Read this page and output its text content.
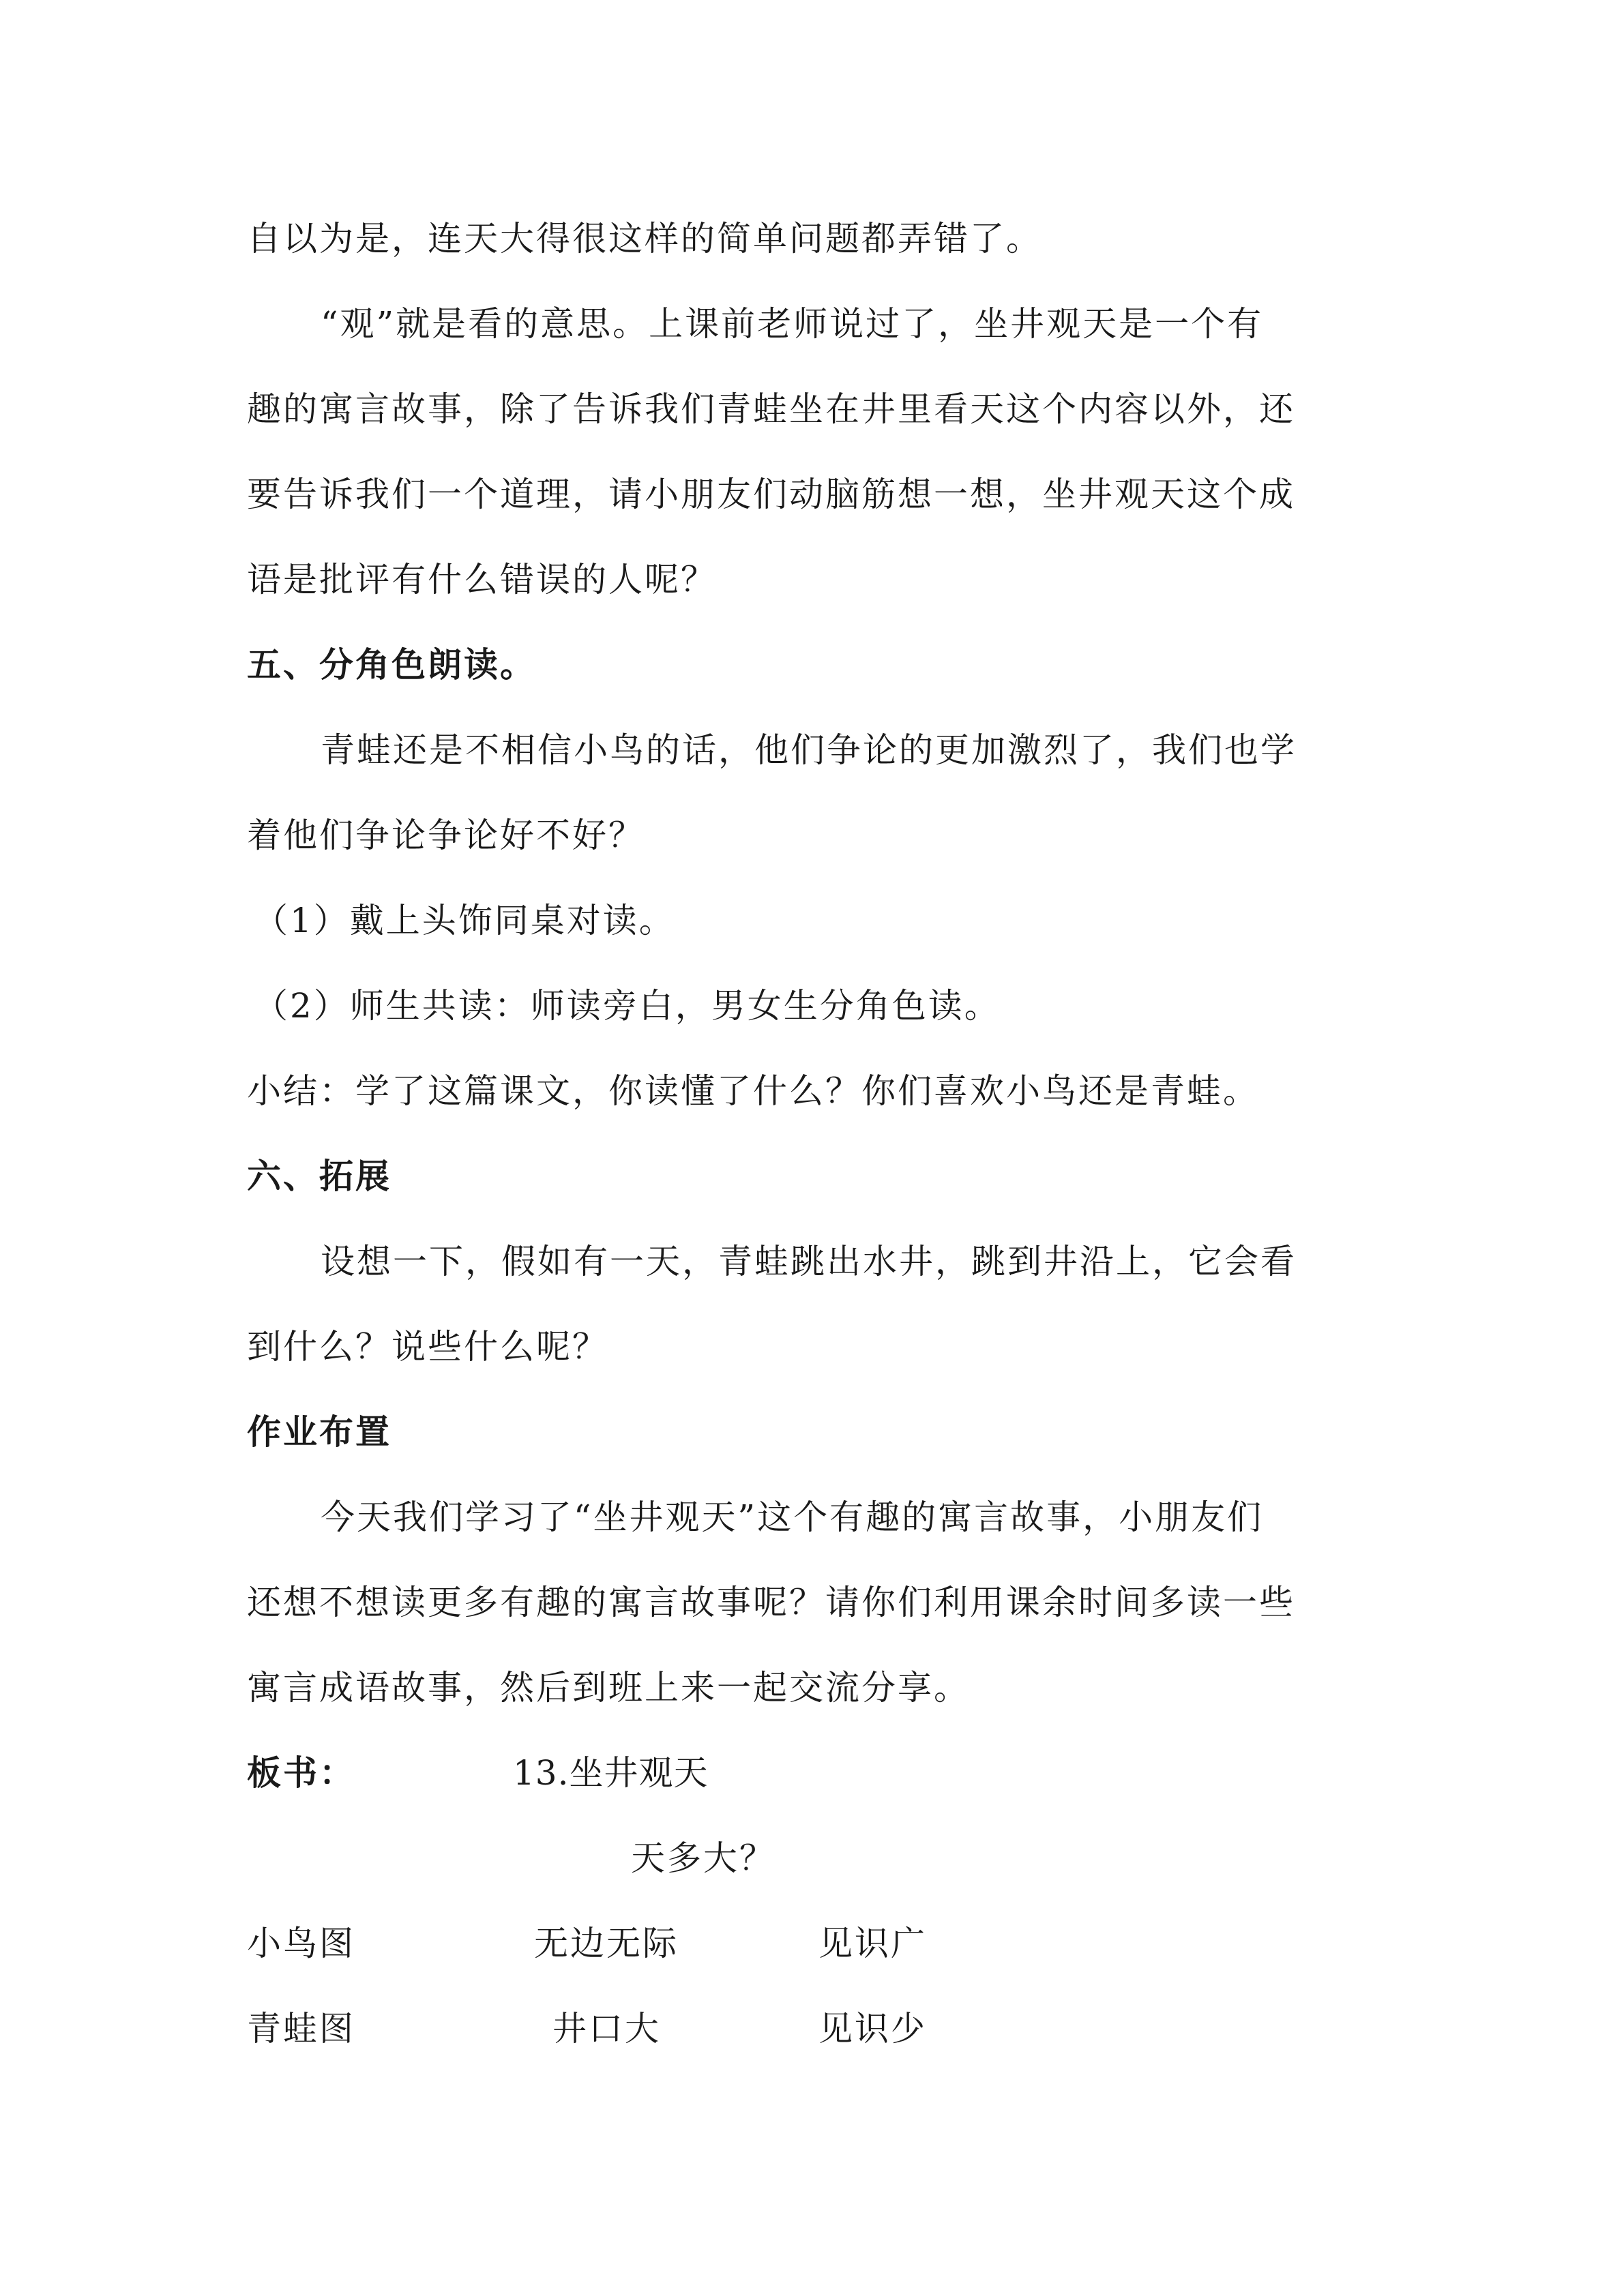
自以为是，连天大得很这样的简单问题都弄错了。
“观”就是看的意思。上课前老师说过了，坐井观天是一个有
趣的寓言故事，除了告诉我们青蛙坐在井里看天这个内容以外，还
要告诉我们一个道理，请小朋友们动脑筋想一想，坐井观天这个成
语是批评有什么错误的人呢？
五、分角色朗读。
青蛙还是不相信小鸟的话，他们争论的更加激烈了，我们也学
着他们争论争论好不好？
（1）戴上头饰同桌对读。
（2）师生共读：师读旁白，男女生分角色读。
小结：学了这篇课文，你读懂了什么？你们喜欢小鸟还是青蛙。
六、拓展
设想一下，假如有一天，青蛙跳出水井，跳到井沿上，它会看
到什么？说些什么呢？
作业布置
今天我们学习了“坐井观天”这个有趣的寓言故事，小朋友们
还想不想读更多有趣的寓言故事呢？请你们利用课余时间多读一些
寓言成语故事，然后到班上来一起交流分享。
板书：	13.坐井观天
天多大？
小鸟图	无边无际	见识广
青蛙图	井口大	见识少
